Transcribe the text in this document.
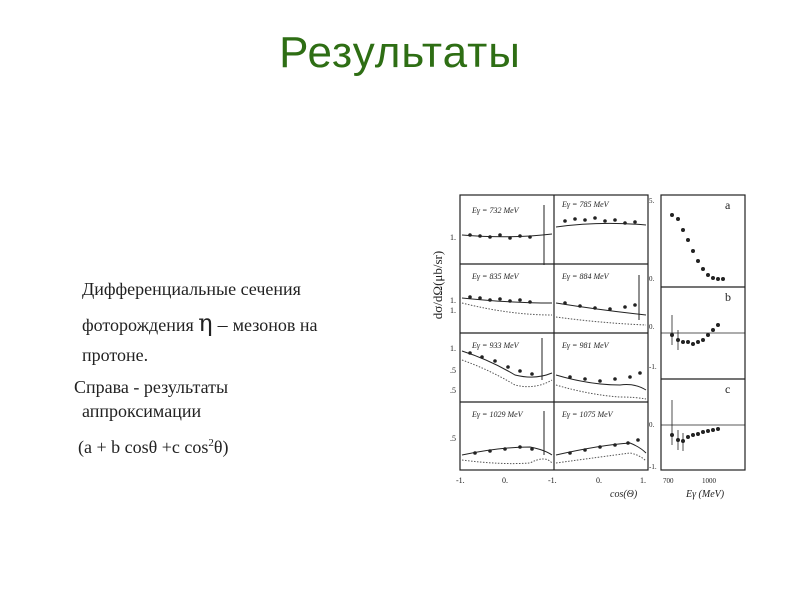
Результаты
Дифференциальные сечения
фоторождения η – мезонов на
протоне.
Справа - результаты
аппроксимации
(a + b cosθ +c $\cos^2\theta$)
dσ/dΩ(μb/sr)
Eγ = 732 MeV
Eγ = 785 MeV
Eγ = 835 MeV	Eγ = 884 MeV
Eγ = 933 MeV	Eγ = 981 MeV
Eγ = 1029 MeV	Eγ = 1075 MeV
1.
1.
1.
1.
.5
.5
.5
-1.	0.	-1.	0.	1.
cos(Θ)
a
b
c
5.
0.
0.
-1.
0.
-1.
700	1000
Eγ (MeV)
